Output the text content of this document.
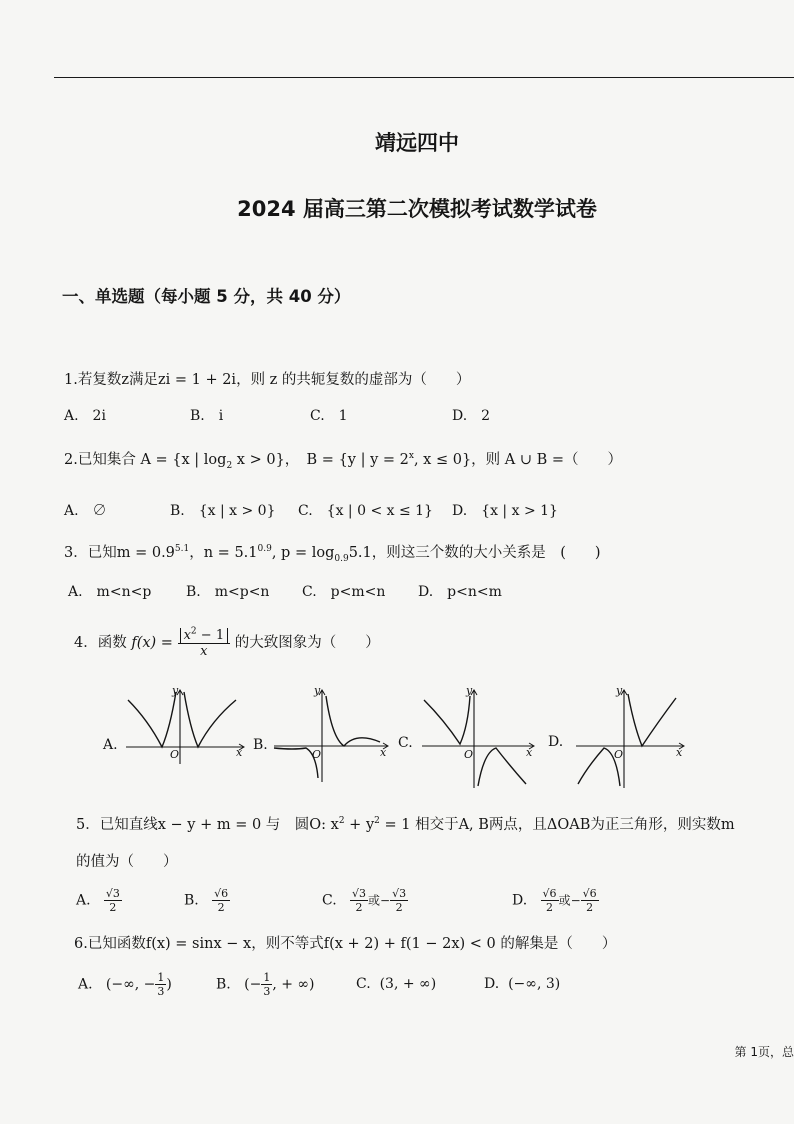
靖远四中
2024 届高三第二次模拟考试数学试卷
一、单选题（每小题 5 分，共 40 分）
1.若复数z满足zi = 1 + 2i，则 z 的共轭复数的虚部为（　　）
A.　2i	B.　i	C.　1	D.　2
2.已知集合 A = {x | $\log_2 x > 0$}，　B = {y | $y = 2^x$, x ≤ 0}，则 A ∪ B =（　　）
A.　∅	B.　{x | x > 0} C.　{x | 0 < x ≤ 1} D.　{x | x > 1}
3．已知$m = 0.9^{5.1}$，$n = 5.1^{0.9}$, $p = \log_{0.9}5.1$，则这三个数的大小关系是　(　　)
A.　m<n<p B.　m<p<n C.　p<m<n D.　p<n<m
4．函数 $f(x) = \frac{x^2 - 1}{x}$ 的大致图象为（　　）
A.
y
x
O
B.
y
x
O
C.
y
x
O
D.
y
x
O
5．已知直线x − y + m = 0 与　圆O: $x^2 + y^2 = 1$ 相交于A, B两点，且ΔOAB为正三角形，则实数m
的值为（　　）
A. $\frac{√3}{2}$	B. $\frac{√6}{2}$	C. $\frac{√3}{2}$ 或− $\frac{√3}{2}$	D. $\frac{√6}{2}$ 或− $\frac{√6}{2}$
6.已知函数f(x) = sinx − x，则不等式f(x + 2) + f(1 − 2x) < 0 的解集是（　　）
A. (−∞, − $\frac{1}{3}$ )	B. (− $\frac{1}{3}$ , + ∞)	C. (3, + ∞)	D. (−∞, 3)
第 1页，总
